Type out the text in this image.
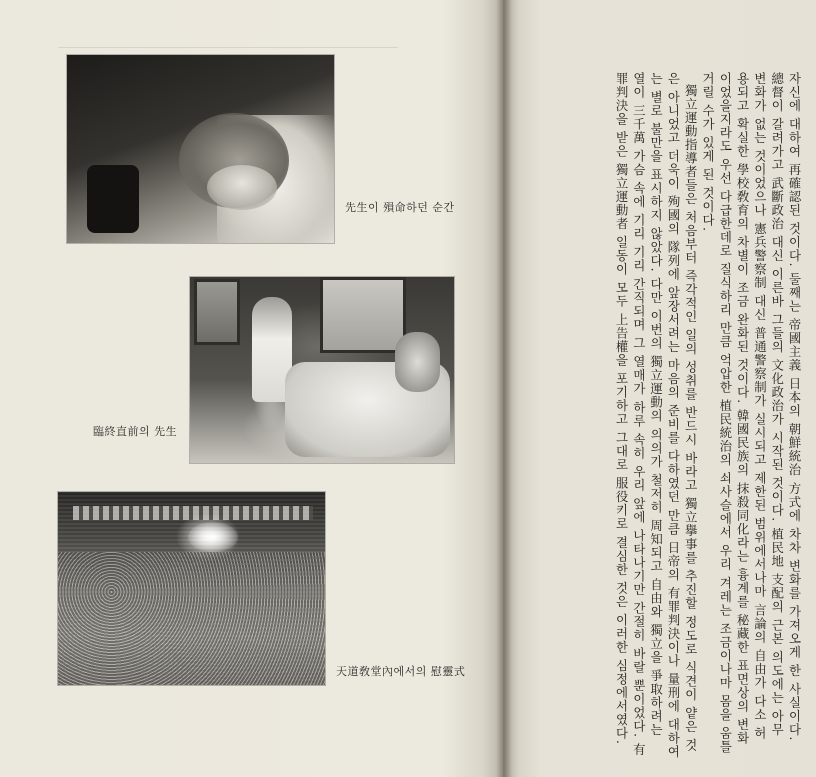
先生이 殞命하던 순간
臨終直前의 先生
天道敎堂內에서의 慰靈式	자신에 대하여 再確認된 것이다. 둘째는 帝國主義 日本의 朝鮮統治 方式에 차차 변화를 가져오게 한 사실이다.

總督이 갈려가고 武斷政治 대신 이른바 그들의 文化政治가 시작된 것이다. 植民地 支配의 근본 의도에는 아무

변화가 없는 것이었으나 憲兵警察制 대신 普通警察制가 실시되고 제한된 범위에서나마 言論의 自由가 다소 허

용되고 확실한 學校敎育의 차별이 조금 완화된 것이다. 韓國民族의 抹殺同化라는 흉계를 秘藏한 표면상의 변화

이었을지라도 우선 다급한데로 질식하리 만큼 억압한 植民統治의 쇠사슬에서 우리 겨레는 조금이나마 몸을 움틀

거릴 수가 있게 된 것이다.

獨立運動指導者들은 처음부터 즉각적인 일의 성취를 반드시 바라고 獨立擧事를 추진할 정도로 식견이 얕은 것

은 아니었고 더욱이 殉國의 隊列에 앞장서려는 마음의 준비를 다하였던 만큼 日帝의 有罪判決이나 量刑에 대하여

는 별로 불만을 표시하지 않았다. 다만 이번의 獨立運動의 의의가 철저히 周知되고 自由와 獨立을 爭取하려는

열이 三千萬 가슴 속에 기리 기리 간직되며 그 열매가 하루 속히 우리 앞에 나타나기만 간절히 바랄 뿐이었다. 有

罪判決을 받은 獨立運動者 일동이 모두 上告權을 포기하고 그대로 服役키로 결심한 것은 이러한 심정에서였다.
